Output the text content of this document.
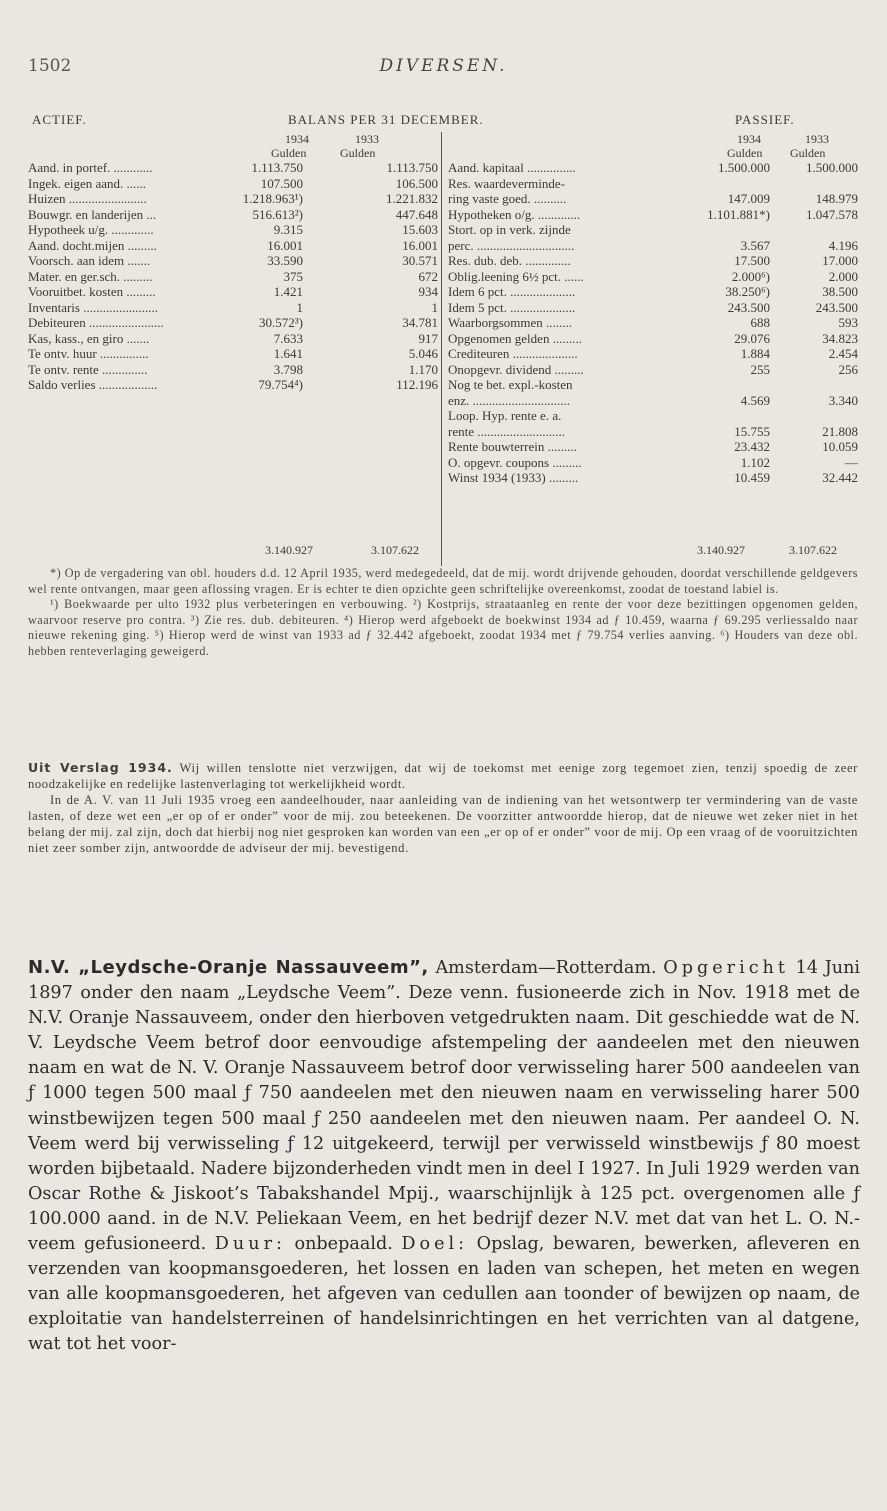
1502	DIVERSEN.
ACTIEF.	BALANS PER 31 DECEMBER.	PASSIEF.
1934	1933	1934	1933
Gulden	Gulden	Gulden Gulden
Aand. in portef. ............	1.113.750	1.113.750
Ingek. eigen aand. ......	107.500	106.500
Huizen ........................	1.218.963¹)	1.221.832
Bouwgr. en landerijen ...	516.613²)	447.648
Hypotheek u/g. .............	9.315	15.603
Aand. docht.mijen .........	16.001	16.001
Voorsch. aan idem .......	33.590	30.571
Mater. en ger.sch. .........	375	672
Vooruitbet. kosten .........	1.421	934
Inventaris .......................	1	1
Debiteuren .......................	30.572³)	34.781
Kas, kass., en giro .......	7.633	917
Te ontv. huur ...............	1.641	5.046
Te ontv. rente ..............	3.798	1.170
Saldo verlies ..................	79.754⁴)	112.196
Aand. kapitaal ...............	1.500.000	1.500.000
Res. waardeverminde-
ring vaste goed. ..........	147.009	148.979
Hypotheken o/g. .............	1.101.881*)	1.047.578
Stort. op in verk. zijnde
perc. ..............................	3.567	4.196
Res. dub. deb. ..............	17.500	17.000
Oblig.leening 6½ pct. ......	2.000⁶)	2.000
Idem 6 pct. ....................	38.250⁶)	38.500
Idem 5 pct. ....................	243.500	243.500
Waarborgsommen ........	688	593
Opgenomen gelden .........	29.076	34.823
Crediteuren ....................	1.884	2.454
Onopgevr. dividend .........	255	256
Nog te bet. expl.-kosten
enz. ..............................	4.569	3.340
Loop. Hyp. rente e. a.
rente ...........................	15.755	21.808
Rente bouwterrein .........	23.432	10.059
O. opgevr. coupons .........	1.102	—
Winst 1934 (1933) .........	10.459	32.442
3.140.927	3.107.622	3.140.927	3.107.622

*) Op de vergadering van obl. houders d.d. 12 April 1935, werd medegedeeld, dat de mij. wordt drijvende gehouden, doordat verschillende geldgevers wel rente ontvangen, maar geen aflossing vragen. Er is echter te dien opzichte geen schriftelijke overeenkomst, zoodat de toestand labiel is.

¹) Boekwaarde per ulto 1932 plus verbeteringen en verbouwing. ²) Kostprijs, straataanleg en rente der voor deze bezittingen opgenomen gelden, waarvoor reserve pro contra. ³) Zie res. dub. debiteuren. ⁴) Hierop werd afgeboekt de boekwinst 1934 ad ƒ 10.459, waarna ƒ 69.295 verliessaldo naar nieuwe rekening ging. ⁵) Hierop werd de winst van 1933 ad ƒ 32.442 afgeboekt, zoodat 1934 met ƒ 79.754 verlies aanving. ⁶) Houders van deze obl. hebben renteverlaging geweigerd.

Uit Verslag 1934. Wij willen tenslotte niet verzwijgen, dat wij de toekomst met eenige zorg tegemoet zien, tenzij spoedig de zeer noodzakelijke en redelijke lastenverlaging tot werkelijkheid wordt.

In de A. V. van 11 Juli 1935 vroeg een aandeelhouder, naar aanleiding van de indiening van het wetsontwerp ter vermindering van de vaste lasten, of deze wet een „er op of er onder” voor de mij. zou beteekenen. De voorzitter antwoordde hierop, dat de nieuwe wet zeker niet in het belang der mij. zal zijn, doch dat hierbij nog niet gesproken kan worden van een „er op of er onder” voor de mij. Op een vraag of de vooruitzichten niet zeer somber zijn, antwoordde de adviseur der mij. bevestigend.

N.V. „Leydsche-Oranje Nassauveem”, Amsterdam—Rotterdam. Opgericht 14 Juni 1897 onder den naam „Leydsche Veem”. Deze venn. fusioneerde zich in Nov. 1918 met de N.V. Oranje Nassauveem, onder den hierboven vetgedrukten naam. Dit geschiedde wat de N. V. Leydsche Veem betrof door eenvoudige afstempeling der aandeelen met den nieuwen naam en wat de N. V. Oranje Nassauveem betrof door verwisseling harer 500 aandeelen van ƒ 1000 tegen 500 maal ƒ 750 aandeelen met den nieuwen naam en verwisseling harer 500 winstbewijzen tegen 500 maal ƒ 250 aandeelen met den nieuwen naam. Per aandeel O. N. Veem werd bij verwisseling ƒ 12 uitgekeerd, terwijl per verwisseld winstbewijs ƒ 80 moest worden bijbetaald. Nadere bijzonderheden vindt men in deel I 1927. In Juli 1929 werden van Oscar Rothe & Jiskoot’s Tabakshandel Mpij., waarschijnlijk à 125 pct. overgenomen alle ƒ 100.000 aand. in de N.V. Peliekaan Veem, en het bedrijf dezer N.V. met dat van het L. O. N.-veem gefusioneerd. Duur: onbepaald. Doel: Opslag, bewaren, bewerken, afleveren en verzenden van koopmansgoederen, het lossen en laden van schepen, het meten en wegen van alle koopmansgoederen, het afgeven van cedullen aan toonder of bewijzen op naam, de exploitatie van handelsterreinen of handelsinrichtingen en het verrichten van al datgene, wat tot het voor-
